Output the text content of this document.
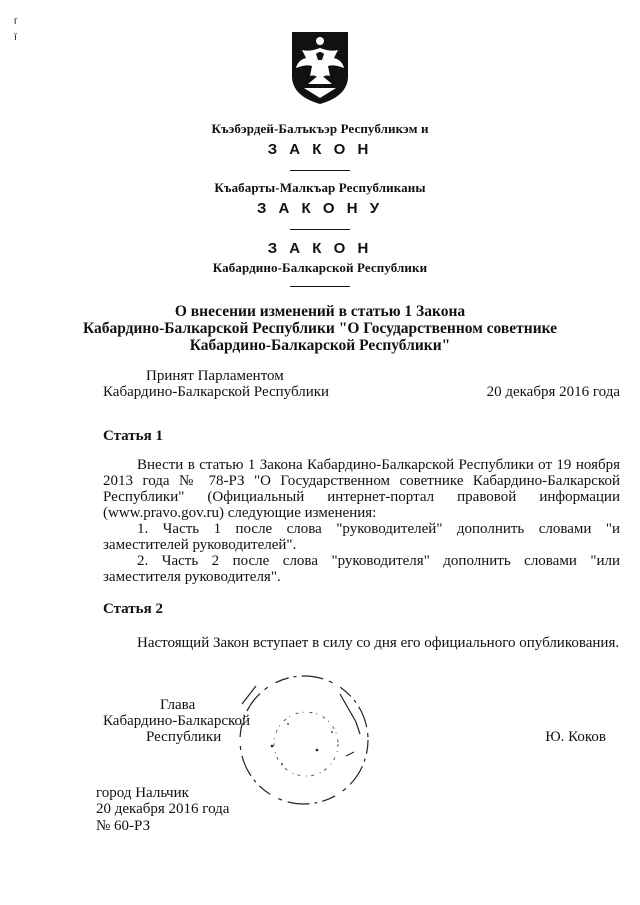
г
ї
Къэбэрдей-Балъкъэр Республикэм и
З А К О Н
Къабарты-Малкъар Республиканы
З А К О Н У
З А К О Н
Кабардино-Балкарской Республики
О внесении изменений в статью 1 Закона
Кабардино-Балкарской Республики "О Государственном советнике
Кабардино-Балкарской Республики"
Принят Парламентом
Кабардино-Балкарской Республики	20 декабря 2016 года
Статья 1
Внести в статью 1 Закона Кабардино-Балкарской Республики от 19 ноября 2013 года № 78-РЗ "О Государственном советнике Кабардино-Балкарской Республики" (Официальный интернет-портал правовой информации (www.pravo.gov.ru) следующие изменения:
1. Часть 1 после слова "руководителей" дополнить словами "и заместителей руководителей".
2. Часть 2 после слова "руководителя" дополнить словами "или заместителя руководителя".
Статья 2
Настоящий Закон вступает в силу со дня его официального опубликования.
Глава
Кабардино-Балкарской
Республики	Ю. Коков
город Нальчик
20 декабря 2016 года
№ 60-РЗ
